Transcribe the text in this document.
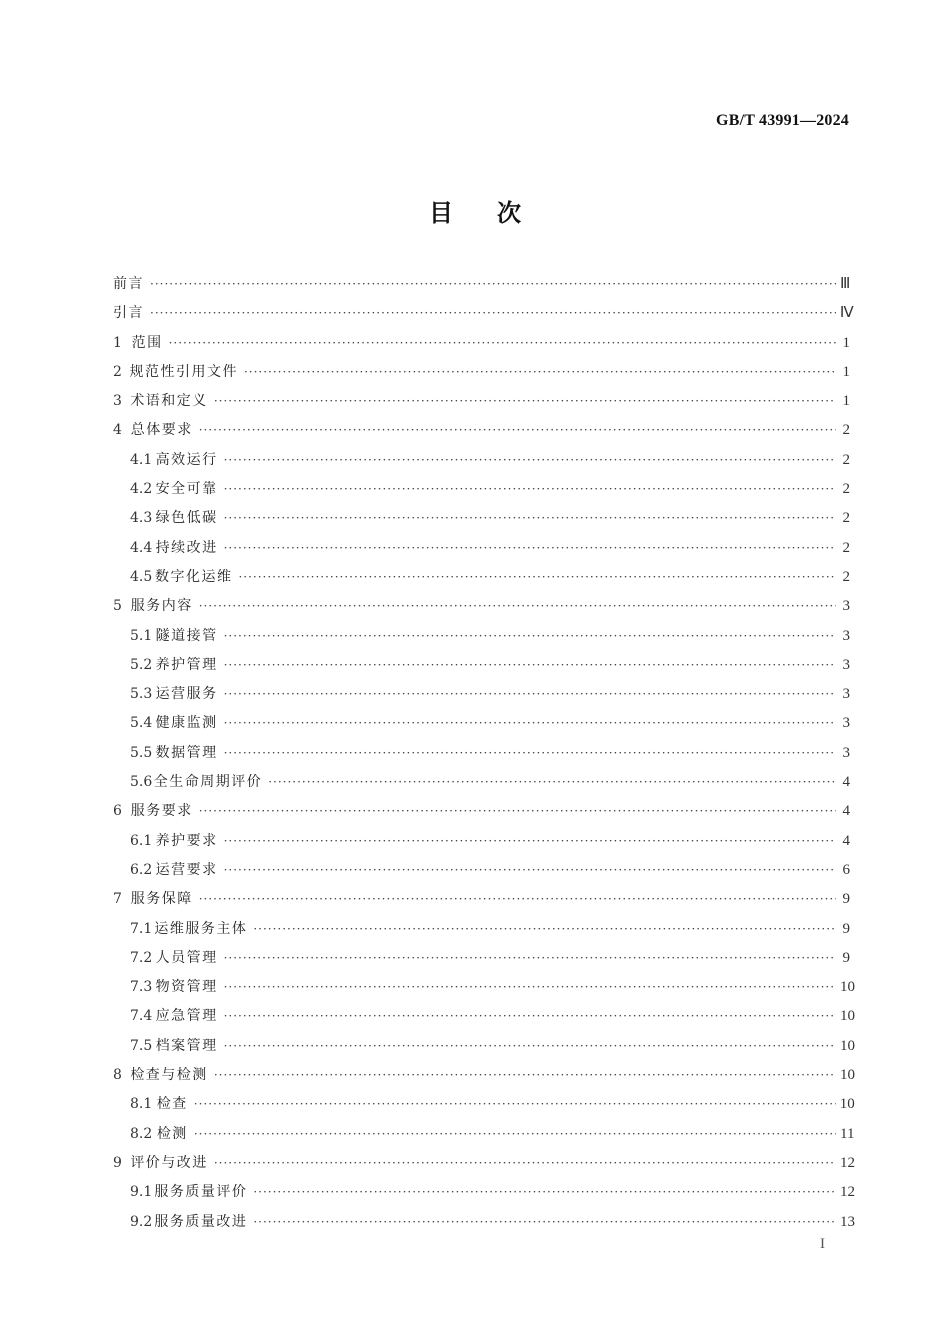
GB/T 43991—2024
目次
前言 ·····	Ⅲ
引言 ·····	Ⅳ
1 范围 ·····	1
2 规范性引用文件 ·····	1
3 术语和定义 ·····	1
4 总体要求 ·····	2
4.1 高效运行 ·····	2
4.2 安全可靠 ·····	2
4.3 绿色低碳 ·····	2
4.4 持续改进 ·····	2
4.5 数字化运维 ·····	2
5 服务内容 ·····	3
5.1 隧道接管 ·····	3
5.2 养护管理 ·····	3
5.3 运营服务 ·····	3
5.4 健康监测 ·····	3
5.5 数据管理 ·····	3
5.6 全生命周期评价 ·····	4
6 服务要求 ·····	4
6.1 养护要求 ·····	4
6.2 运营要求 ·····	6
7 服务保障 ·····	9
7.1 运维服务主体 ·····	9
7.2 人员管理 ·····	9
7.3 物资管理 ·····	10
7.4 应急管理 ·····	10
7.5 档案管理 ·····	10
8 检查与检测 ·····	10
8.1 检查 ·····	10
8.2 检测 ·····	11
9 评价与改进 ·····	12
9.1 服务质量评价 ·····	12
9.2 服务质量改进 ·····	13
I
